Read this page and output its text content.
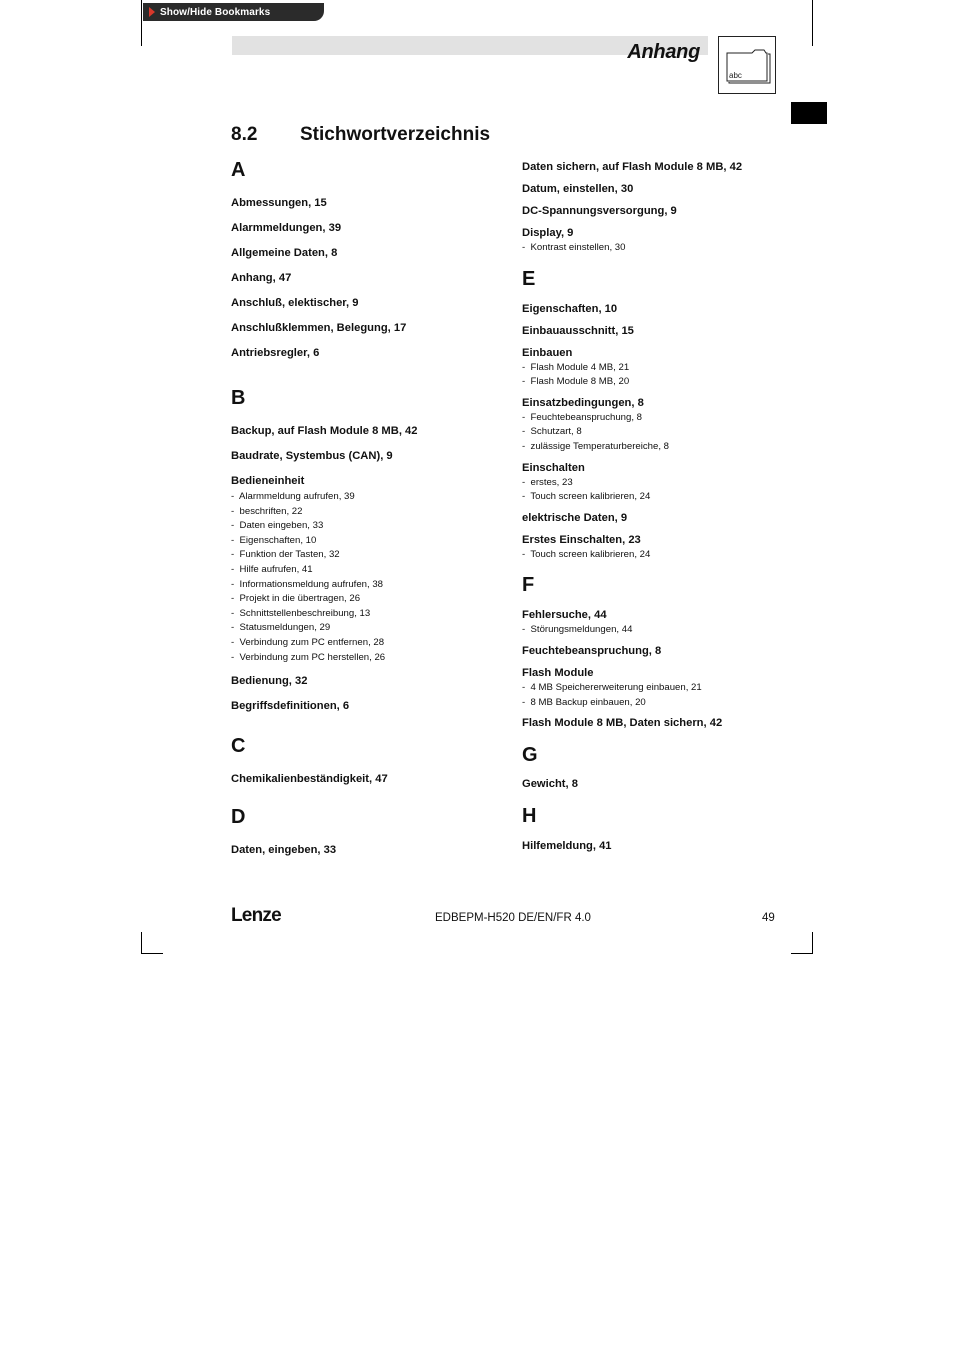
Show/Hide Bookmarks
Anhang
abc
8.2 Stichwortverzeichnis

A

Abmessungen, 15

Alarmmeldungen, 39

Allgemeine Daten, 8

Anhang, 47

Anschluß, elektischer, 9

Anschlußklemmen, Belegung, 17

Antriebsregler, 6

B

Backup, auf Flash Module 8 MB, 42

Baudrate, Systembus (CAN), 9

Bedieneinheit

- Alarmmeldung aufrufen, 39

- beschriften, 22

- Daten eingeben, 33

- Eigenschaften, 10

- Funktion der Tasten, 32

- Hilfe aufrufen, 41

- Informationsmeldung aufrufen, 38

- Projekt in die übertragen, 26

- Schnittstellenbeschreibung, 13

- Statusmeldungen, 29

- Verbindung zum PC entfernen, 28

- Verbindung zum PC herstellen, 26

Bedienung, 32

Begriffsdefinitionen, 6

C

Chemikalienbeständigkeit, 47

D

Daten, eingeben, 33

Daten sichern, auf Flash Module 8 MB, 42

Datum, einstellen, 30

DC-Spannungsversorgung, 9

Display, 9

- Kontrast einstellen, 30

E

Eigenschaften, 10

Einbauausschnitt, 15

Einbauen

- Flash Module 4 MB, 21

- Flash Module 8 MB, 20

Einsatzbedingungen, 8

- Feuchtebeanspruchung, 8

- Schutzart, 8

- zulässige Temperaturbereiche, 8

Einschalten

- erstes, 23

- Touch screen kalibrieren, 24

elektrische Daten, 9

Erstes Einschalten, 23

- Touch screen kalibrieren, 24

F

Fehlersuche, 44

- Störungsmeldungen, 44

Feuchtebeanspruchung, 8

Flash Module

- 4 MB Speichererweiterung einbauen, 21

- 8 MB Backup einbauen, 20

Flash Module 8 MB, Daten sichern, 42

G

Gewicht, 8

H

Hilfemeldung, 41

Lenze	EDBEPM-H520 DE/EN/FR 4.0	49
